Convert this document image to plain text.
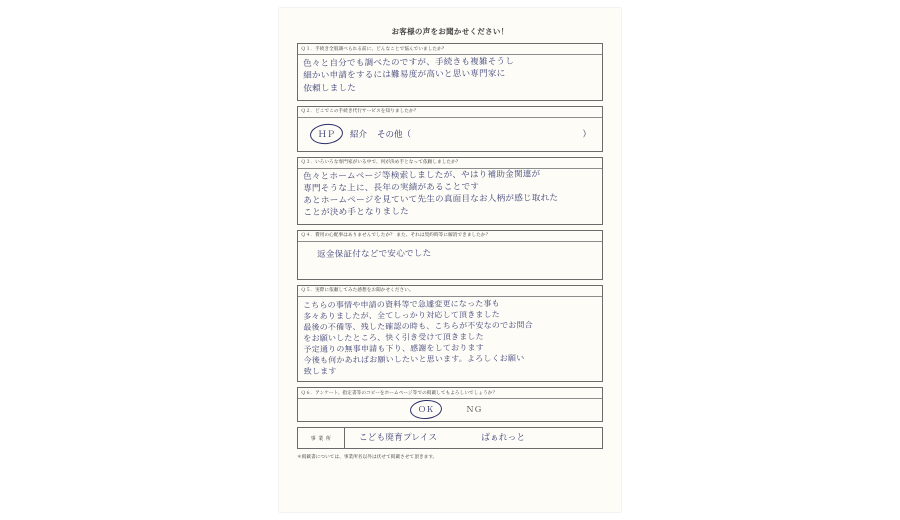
お客様の声をお聞かせください！
Ｑ１．手続き全般調べられる前に、どんなことで悩んでいましたか？
色々と自分でも調べたのですが、手続きも複雑そうし
細かい申請をするには難易度が高いと思い専門家に
依頼しました
Ｑ２．どこでこの手続き代行サービスを知りましたか？
ＨＰ	紹介 その他（	）
Ｑ３．いろいろな専門家がいる中で、何が決め手となって依頼しましたか？
色々とホームページ等検索しましたが、やはり補助金関連が
専門そうな上に、長年の実績があることです
あとホームページを見ていて先生の真面目なお人柄が感じ取れた
ことが決め手となりました
Ｑ４．費用の心配事はありませんでしたか？ また、それは契約時等に解消できましたか？
返金保証付などで安心でした
Ｑ５．実際に依頼してみた感想をお聞かせください。
こちらの事情や申請の資料等で急遽変更になった事も
多々ありましたが、全てしっかり対応して頂きました
最後の不備等、残した確認の時も、こちらが不安なのでお問合
をお願いしたところ、快く引き受けて頂きました
予定通りの無事申請も下り、感謝をしております
今後も何かあればお願いしたいと思います。よろしくお願い
致します
Ｑ６．アンケート、指定書等のコピーをホームページ等での掲載してもよろしいでしょうか？
ＯＫ	ＮＧ
事 業 所	こども廃育プレイス	ぱぁれっと
＊掲載書については、事業所名以外は伏せて掲載させて頂きます。
